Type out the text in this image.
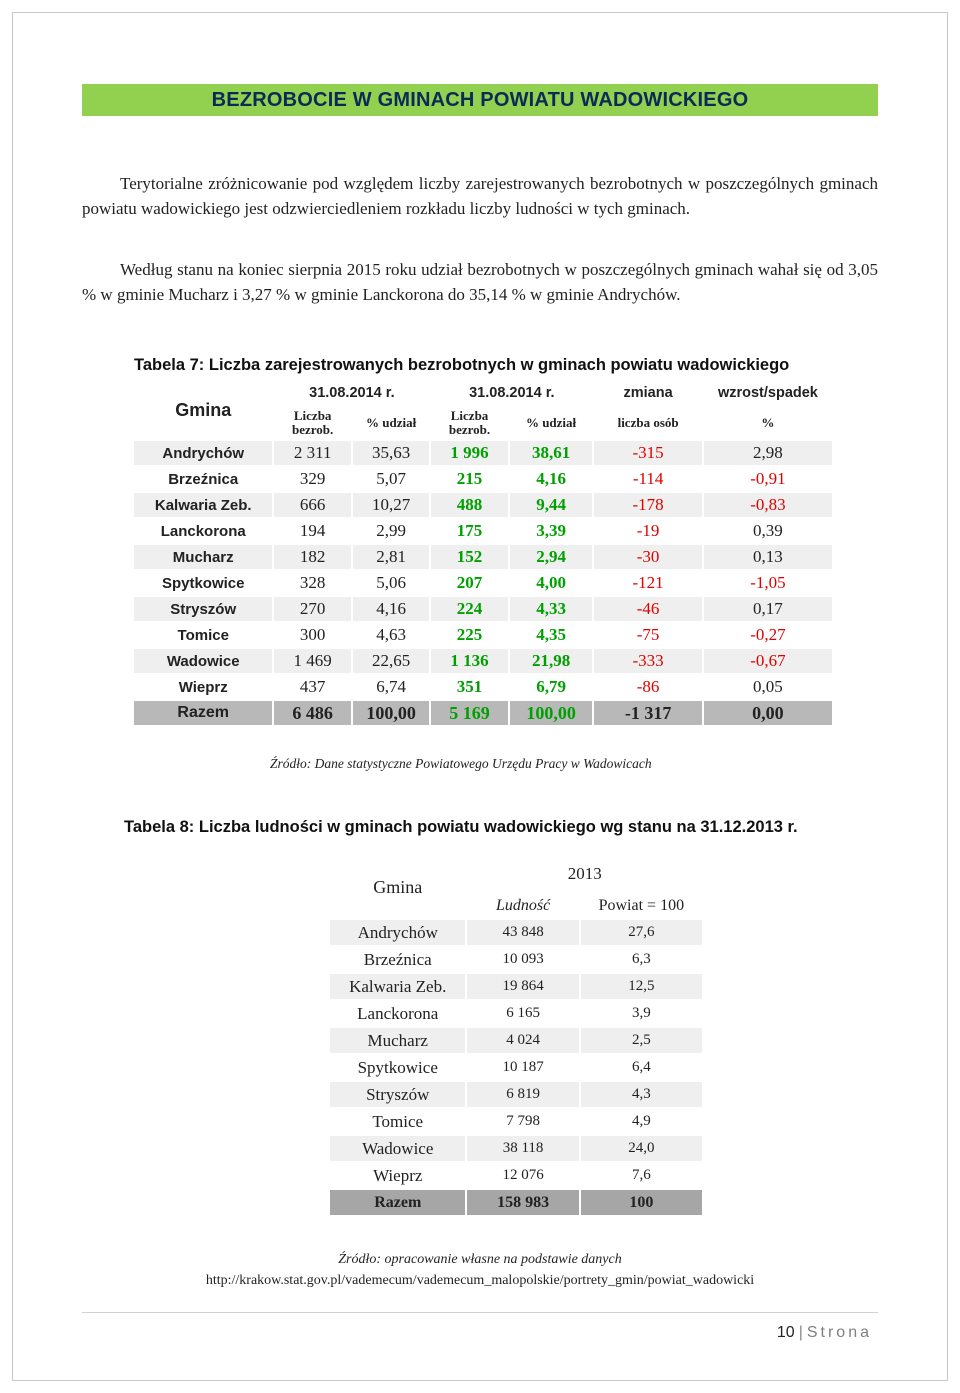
BEZROBOCIE W GMINACH POWIATU WADOWICKIEGO

Terytorialne zróżnicowanie pod względem liczby zarejestrowanych bezrobotnych w poszczególnych gminach powiatu wadowickiego jest odzwierciedleniem rozkładu liczby ludności w tych gminach.

Według stanu na koniec sierpnia 2015 roku udział bezrobotnych w poszczególnych gminach wahał się od 3,05 % w gminie Mucharz i 3,27 % w gminie Lanckorona do 35,14 % w gminie Andrychów.

Tabela 7: Liczba zarejestrowanych bezrobotnych w gminach powiatu wadowickiego
Gmina	31.08.2014 r.		31.08.2014 r.		zmiana	wzrost/spadek
	Liczba bezrob.	% udział	Liczba bezrob.	% udział	liczba osób	%
Andrychów	2 311	35,63	1 996	38,61	-315	2,98
Brzeźnica	329	5,07	215	4,16	-114	-0,91
Kalwaria Zeb.	666	10,27	488	9,44	-178	-0,83
Lanckorona	194	2,99	175	3,39	-19	0,39
Mucharz	182	2,81	152	2,94	-30	0,13
Spytkowice	328	5,06	207	4,00	-121	-1,05
Stryszów	270	4,16	224	4,33	-46	0,17
Tomice	300	4,63	225	4,35	-75	-0,27
Wadowice	1 469	22,65	1 136	21,98	-333	-0,67
Wieprz	437	6,74	351	6,79	-86	0,05
Razem	6 486	100,00	5 169	100,00	-1 317	0,00
Źródło: Dane statystyczne Powiatowego Urzędu Pracy w Wadowicach
Tabela 8: Liczba ludności w gminach powiatu wadowickiego wg stanu na 31.12.2013 r.
Gmina	2013	
	Ludność	Powiat = 100
Andrychów	43 848	27,6
Brzeźnica	10 093	6,3
Kalwaria Zeb.	19 864	12,5
Lanckorona	6 165	3,9
Mucharz	4 024	2,5
Spytkowice	10 187	6,4
Stryszów	6 819	4,3
Tomice	7 798	4,9
Wadowice	38 118	24,0
Wieprz	12 076	7,6
Razem	158 983	100
Źródło: opracowanie własne na podstawie danych
http://krakow.stat.gov.pl/vademecum/vademecum_malopolskie/portrety_gmin/powiat_wadowicki
10 | Strona
